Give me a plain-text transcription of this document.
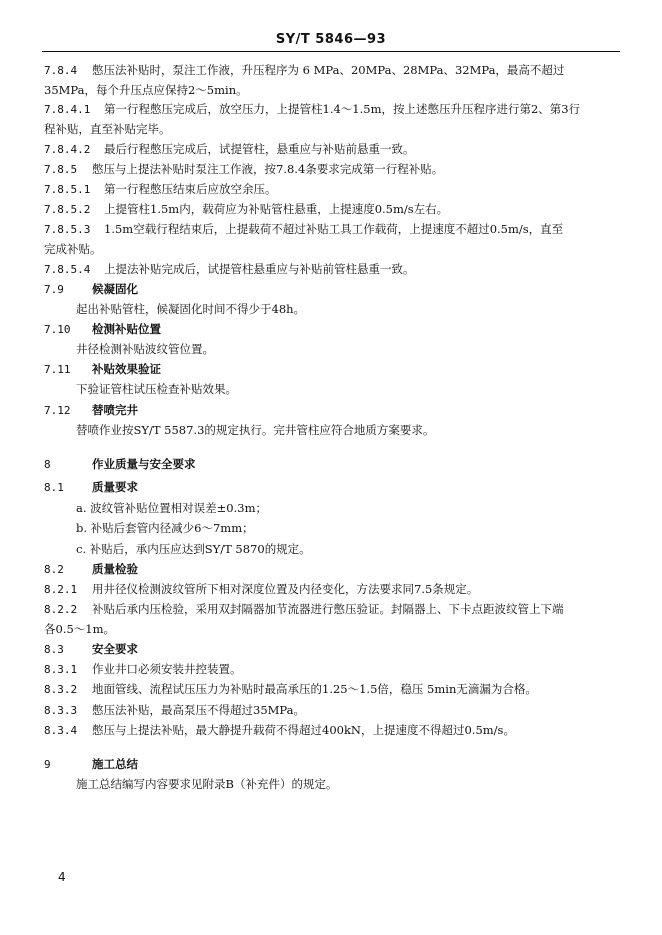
SY/T 5846—93
7.8.4 憋压法补贴时，泵注工作液，升压程序为 6 MPa、20MPa、28MPa、32MPa，最高不超过
35MPa，每个升压点应保持2～5min。
7.8.4.1 第一行程憋压完成后，放空压力，上提管柱1.4～1.5m，按上述憋压升压程序进行第2、第3行
程补贴，直至补贴完毕。
7.8.4.2 最后行程憋压完成后，试提管柱，悬重应与补贴前悬重一致。
7.8.5 憋压与上提法补贴时泵注工作液，按7.8.4条要求完成第一行程补贴。
7.8.5.1 第一行程憋压结束后应放空余压。
7.8.5.2 上提管柱1.5m内，载荷应为补贴管柱悬重，上提速度0.5m/s左右。
7.8.5.3 1.5m空载行程结束后，上提载荷不超过补贴工具工作载荷，上提速度不超过0.5m/s，直至
完成补贴。
7.8.5.4 上提法补贴完成后，试提管柱悬重应与补贴前管柱悬重一致。
7.9 候凝固化
起出补贴管柱，候凝固化时间不得少于48h。
7.10 检测补贴位置
井径检测补贴波纹管位置。
7.11 补贴效果验证
下验证管柱试压检查补贴效果。
7.12 替喷完井
替喷作业按SY/T 5587.3的规定执行。完井管柱应符合地质方案要求。
8	作业质量与安全要求
8.1 质量要求
a. 波纹管补贴位置相对误差±0.3m；
b. 补贴后套管内径减少6～7mm；
c. 补贴后，承内压应达到SY/T 5870的规定。
8.2 质量检验
8.2.1 用井径仪检测波纹管所下相对深度位置及内径变化，方法要求同7.5条规定。
8.2.2 补贴后承内压检验，采用双封隔器加节流器进行憋压验证。封隔器上、下卡点距波纹管上下端
各0.5～1m。
8.3 安全要求
8.3.1 作业井口必须安装井控装置。
8.3.2 地面管线、流程试压压力为补贴时最高承压的1.25～1.5倍，稳压 5min无滴漏为合格。
8.3.3 憋压法补贴，最高泵压不得超过35MPa。
8.3.4 憋压与上提法补贴，最大静提升载荷不得超过400kN，上提速度不得超过0.5m/s。
9	施工总结
施工总结编写内容要求见附录B（补充件）的规定。
4
